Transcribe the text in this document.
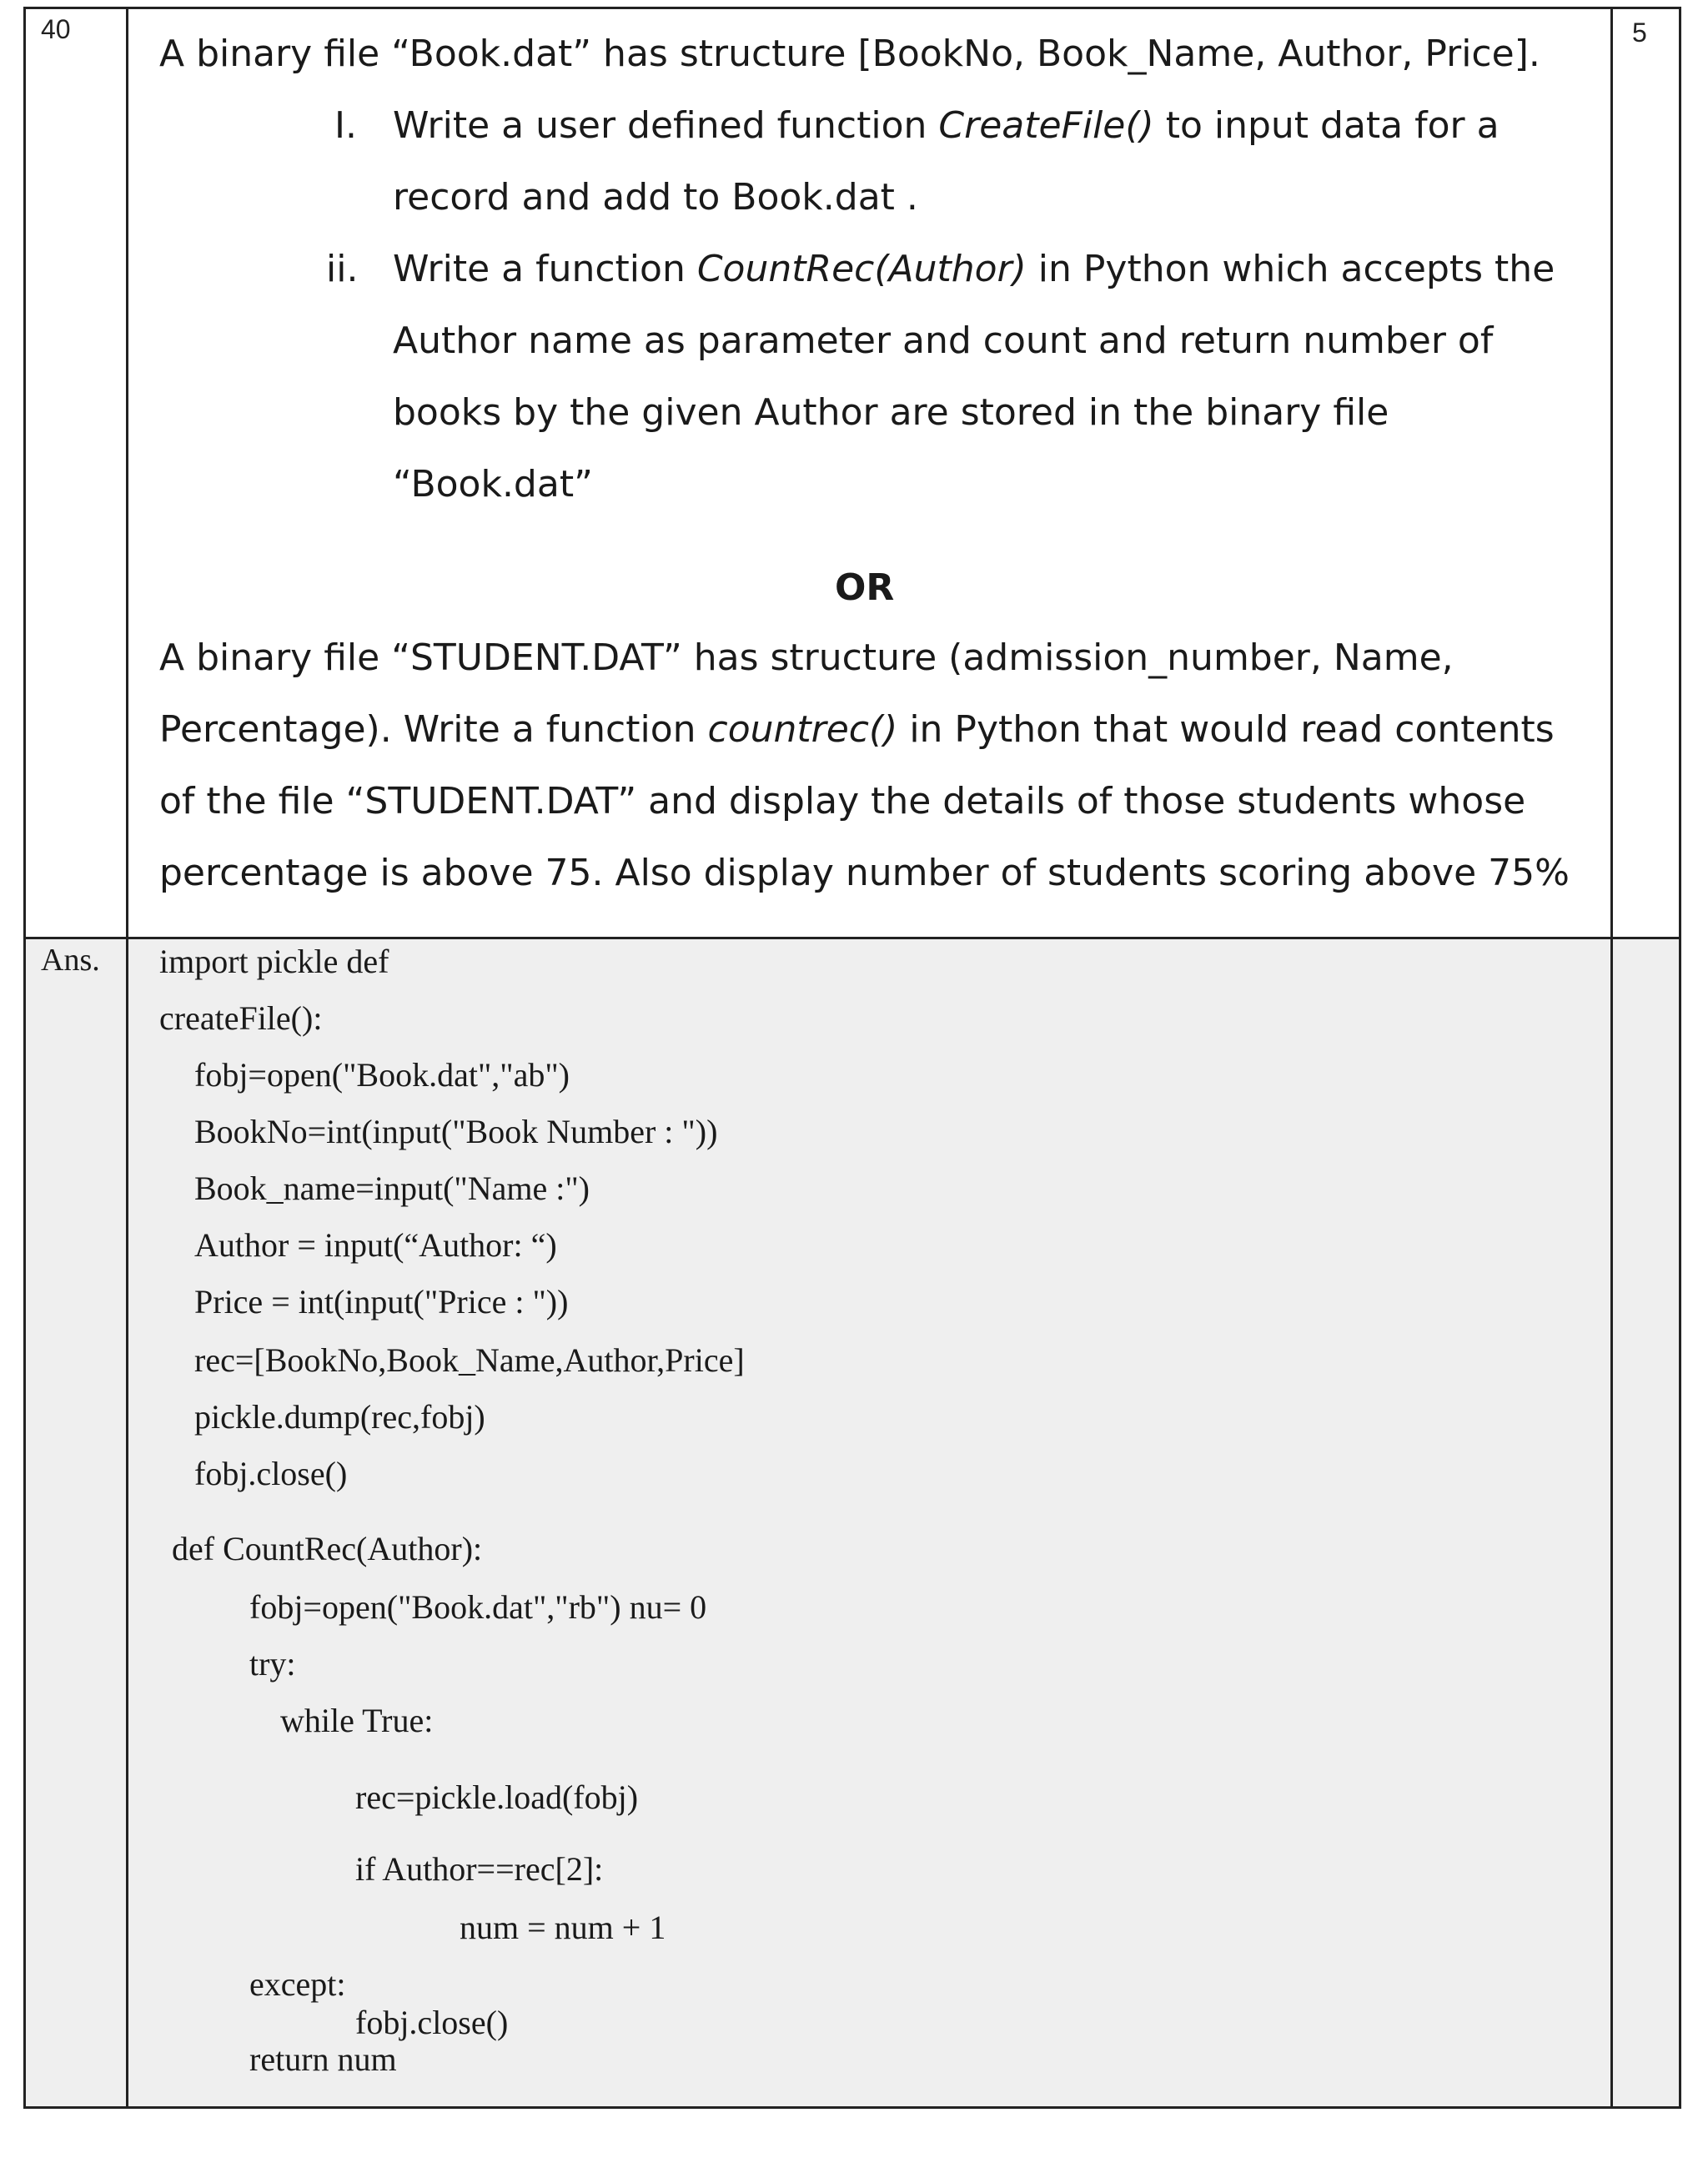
40	5
A binary file “Book.dat” has structure [BookNo, Book_Name, Author, Price].
I. Write a user defined function CreateFile() to input data for a
record and add to Book.dat .
ii. Write a function CountRec(Author) in Python which accepts the
Author name as parameter and count and return number of
books by the given Author are stored in the binary file
“Book.dat”
OR
A binary file “STUDENT.DAT” has structure (admission_number, Name,
Percentage). Write a function countrec() in Python that would read contents
of the file “STUDENT.DAT” and display the details of those students whose
percentage is above 75. Also display number of students scoring above 75%
Ans. import pickle def
createFile():
fobj=open("Book.dat","ab")
BookNo=int(input("Book Number : "))
Book_name=input("Name :")
Author = input(“Author: “)
Price = int(input("Price : "))
rec=[BookNo,Book_Name,Author,Price]
pickle.dump(rec,fobj)
fobj.close()
def CountRec(Author):
fobj=open("Book.dat","rb") nu= 0
try:
while True:
rec=pickle.load(fobj)
if Author==rec[2]:
num = num + 1
except:
fobj.close()
return num
